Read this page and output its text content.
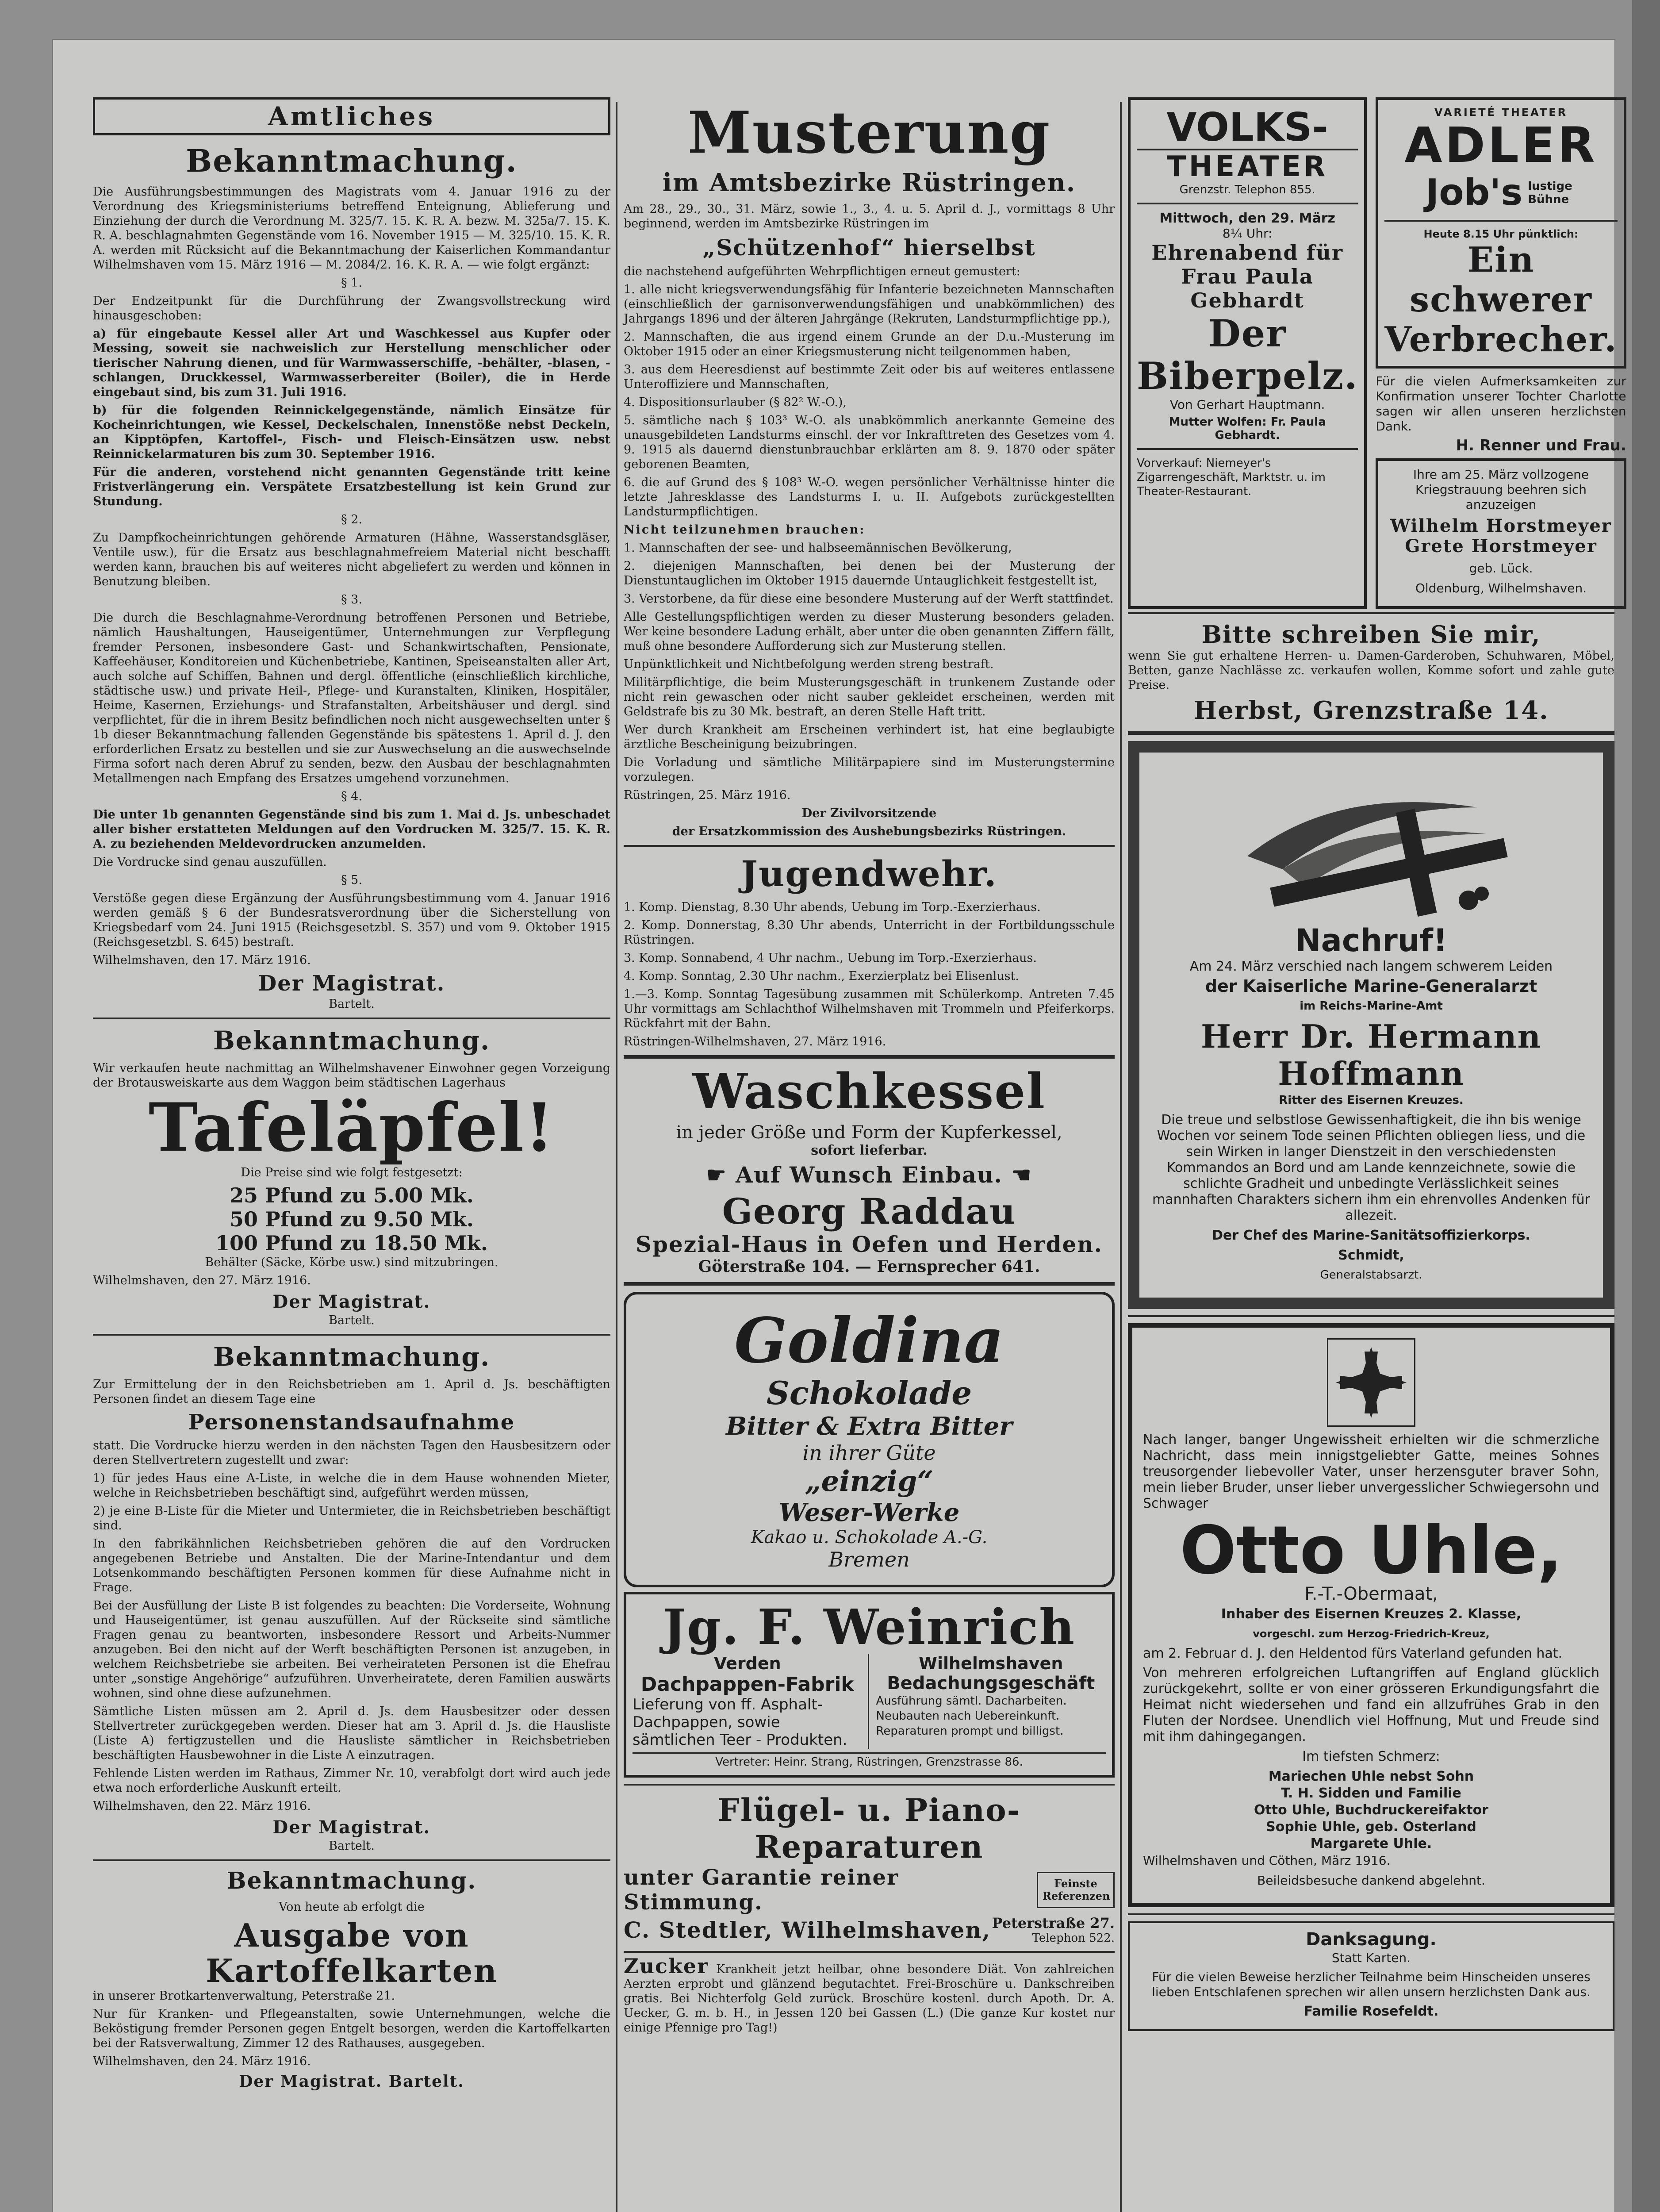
Amtliches
Bekanntmachung.

Die Ausführungsbestimmungen des Magistrats vom 4. Januar 1916 zu der Verordnung des Kriegsministeriums betreffend Enteignung, Ablieferung und Einziehung der durch die Verordnung M. 325/7. 15. K. R. A. bezw. M. 325a/7. 15. K. R. A. beschlagnahmten Gegenstände vom 16. November 1915 — M. 325/10. 15. K. R. A. werden mit Rücksicht auf die Bekanntmachung der Kaiserlichen Kommandantur Wilhelmshaven vom 15. März 1916 — M. 2084/2. 16. K. R. A. — wie folgt ergänzt:

§ 1.

Der Endzeitpunkt für die Durchführung der Zwangsvollstreckung wird hinausgeschoben:

a) für eingebaute Kessel aller Art und Waschkessel aus Kupfer oder Messing, soweit sie nachweislich zur Herstellung menschlicher oder tierischer Nahrung dienen, und für Warmwasserschiffe, -behälter, -blasen, -schlangen, Druckkessel, Warmwasserbereiter (Boiler), die in Herde eingebaut sind, bis zum 31. Juli 1916.

b) für die folgenden Reinnickelgegenstände, nämlich Einsätze für Kocheinrichtungen, wie Kessel, Deckelschalen, Innenstöße nebst Deckeln, an Kipptöpfen, Kartoffel-, Fisch- und Fleisch-Einsätzen usw. nebst Reinnickelarmaturen bis zum 30. September 1916.

Für die anderen, vorstehend nicht genannten Gegenstände tritt keine Fristverlängerung ein. Verspätete Ersatzbestellung ist kein Grund zur Stundung.

§ 2.

Zu Dampfkocheinrichtungen gehörende Armaturen (Hähne, Wasserstandsgläser, Ventile usw.), für die Ersatz aus beschlagnahmefreiem Material nicht beschafft werden kann, brauchen bis auf weiteres nicht abgeliefert zu werden und können in Benutzung bleiben.

§ 3.

Die durch die Beschlagnahme-Verordnung betroffenen Personen und Betriebe, nämlich Haushaltungen, Hauseigentümer, Unternehmungen zur Verpflegung fremder Personen, insbesondere Gast- und Schankwirtschaften, Pensionate, Kaffeehäuser, Konditoreien und Küchenbetriebe, Kantinen, Speiseanstalten aller Art, auch solche auf Schiffen, Bahnen und dergl. öffentliche (einschließlich kirchliche, städtische usw.) und private Heil-, Pflege- und Kuranstalten, Kliniken, Hospitäler, Heime, Kasernen, Erziehungs- und Strafanstalten, Arbeitshäuser und dergl. sind verpflichtet, für die in ihrem Besitz befindlichen noch nicht ausgewechselten unter § 1b dieser Bekanntmachung fallenden Gegenstände bis spätestens 1. April d. J. den erforderlichen Ersatz zu bestellen und sie zur Auswechselung an die auswechselnde Firma sofort nach deren Abruf zu senden, bezw. den Ausbau der beschlagnahmten Metallmengen nach Empfang des Ersatzes umgehend vorzunehmen.

§ 4.

Die unter 1b genannten Gegenstände sind bis zum 1. Mai d. Js. unbeschadet aller bisher erstatteten Meldungen auf den Vordrucken M. 325/7. 15. K. R. A. zu beziehenden Meldevordrucken anzumelden.

Die Vordrucke sind genau auszufüllen.

§ 5.

Verstöße gegen diese Ergänzung der Ausführungsbestimmung vom 4. Januar 1916 werden gemäß § 6 der Bundesratsverordnung über die Sicherstellung von Kriegsbedarf vom 24. Juni 1915 (Reichsgesetzbl. S. 357) und vom 9. Oktober 1915 (Reichsgesetzbl. S. 645) bestraft.

Wilhelmshaven, den 17. März 1916.

Der Magistrat.

Bartelt.

Bekanntmachung.

Wir verkaufen heute nachmittag an Wilhelmshavener Einwohner gegen Vorzeigung der Brotausweiskarte aus dem Waggon beim städtischen Lagerhaus

Tafeläpfel!

Die Preise sind wie folgt festgesetzt:

25 Pfund zu 5.00 Mk.
50 Pfund zu 9.50 Mk.
100 Pfund zu 18.50 Mk.

Behälter (Säcke, Körbe usw.) sind mitzubringen.

Wilhelmshaven, den 27. März 1916.

Der Magistrat.

Bartelt.

Bekanntmachung.

Zur Ermittelung der in den Reichsbetrieben am 1. April d. Js. beschäftigten Personen findet an diesem Tage eine

Personenstandsaufnahme

statt. Die Vordrucke hierzu werden in den nächsten Tagen den Hausbesitzern oder deren Stellvertretern zugestellt und zwar:

1) für jedes Haus eine A-Liste, in welche die in dem Hause wohnenden Mieter, welche in Reichsbetrieben beschäftigt sind, aufgeführt werden müssen,

2) je eine B-Liste für die Mieter und Untermieter, die in Reichsbetrieben beschäftigt sind.

In den fabrikähnlichen Reichsbetrieben gehören die auf den Vordrucken angegebenen Betriebe und Anstalten. Die der Marine-Intendantur und dem Lotsenkommando beschäftigten Personen kommen für diese Aufnahme nicht in Frage.

Bei der Ausfüllung der Liste B ist folgendes zu beachten: Die Vorderseite, Wohnung und Hauseigentümer, ist genau auszufüllen. Auf der Rückseite sind sämtliche Fragen genau zu beantworten, insbesondere Ressort und Arbeits-Nummer anzugeben. Bei den nicht auf der Werft beschäftigten Personen ist anzugeben, in welchem Reichsbetriebe sie arbeiten. Bei verheirateten Personen ist die Ehefrau unter „sonstige Angehörige“ aufzuführen. Unverheiratete, deren Familien auswärts wohnen, sind ohne diese aufzunehmen.

Sämtliche Listen müssen am 2. April d. Js. dem Hausbesitzer oder dessen Stellvertreter zurückgegeben werden. Dieser hat am 3. April d. Js. die Hausliste (Liste A) fertigzustellen und die Hausliste sämtlicher in Reichsbetrieben beschäftigten Hausbewohner in die Liste A einzutragen.

Fehlende Listen werden im Rathaus, Zimmer Nr. 10, verabfolgt dort wird auch jede etwa noch erforderliche Auskunft erteilt.

Wilhelmshaven, den 22. März 1916.

Der Magistrat.

Bartelt.

Bekanntmachung.

Von heute ab erfolgt die

Ausgabe von Kartoffelkarten

in unserer Brotkartenverwaltung, Peterstraße 21.

Nur für Kranken- und Pflegeanstalten, sowie Unternehmungen, welche die Beköstigung fremder Personen gegen Entgelt besorgen, werden die Kartoffelkarten bei der Ratsverwaltung, Zimmer 12 des Rathauses, ausgegeben.

Wilhelmshaven, den 24. März 1916.

Der Magistrat. Bartelt.
Musterung
im Amtsbezirke Rüstringen.

Am 28., 29., 30., 31. März, sowie 1., 3., 4. u. 5. April d. J., vormittags 8 Uhr beginnend, werden im Amtsbezirke Rüstringen im

„Schützenhof“ hierselbst

die nachstehend aufgeführten Wehrpflichtigen erneut gemustert:

1. alle nicht kriegsverwendungsfähig für Infanterie bezeichneten Mannschaften (einschließlich der garnisonverwendungsfähigen und unabkömmlichen) des Jahrgangs 1896 und der älteren Jahrgänge (Rekruten, Landsturmpflichtige pp.),

2. Mannschaften, die aus irgend einem Grunde an der D.u.-Musterung im Oktober 1915 oder an einer Kriegsmusterung nicht teilgenommen haben,

3. aus dem Heeresdienst auf bestimmte Zeit oder bis auf weiteres entlassene Unteroffiziere und Mannschaften,

4. Dispositionsurlauber (§ 82² W.-O.),

5. sämtliche nach § 103³ W.-O. als unabkömmlich anerkannte Gemeine des unausgebildeten Landsturms einschl. der vor Inkrafttreten des Gesetzes vom 4. 9. 1915 als dauernd dienstunbrauchbar erklärten am 8. 9. 1870 oder später geborenen Beamten,

6. die auf Grund des § 108³ W.-O. wegen persönlicher Verhältnisse hinter die letzte Jahresklasse des Landsturms I. u. II. Aufgebots zurückgestellten Landsturmpflichtigen.

Nicht teilzunehmen brauchen:

1. Mannschaften der see- und halbseemännischen Bevölkerung,

2. diejenigen Mannschaften, bei denen bei der Musterung der Dienstuntauglichen im Oktober 1915 dauernde Untauglichkeit festgestellt ist,

3. Verstorbene, da für diese eine besondere Musterung auf der Werft stattfindet.

Alle Gestellungspflichtigen werden zu dieser Musterung besonders geladen. Wer keine besondere Ladung erhält, aber unter die oben genannten Ziffern fällt, muß ohne besondere Aufforderung sich zur Musterung stellen.

Unpünktlichkeit und Nichtbefolgung werden streng bestraft.

Militärpflichtige, die beim Musterungsgeschäft in trunkenem Zustande oder nicht rein gewaschen oder nicht sauber gekleidet erscheinen, werden mit Geldstrafe bis zu 30 Mk. bestraft, an deren Stelle Haft tritt.

Wer durch Krankheit am Erscheinen verhindert ist, hat eine beglaubigte ärztliche Bescheinigung beizubringen.

Die Vorladung und sämtliche Militärpapiere sind im Musterungstermine vorzulegen.

Rüstringen, 25. März 1916.

Der Zivilvorsitzende

der Ersatzkommission des Aushebungsbezirks Rüstringen.

Jugendwehr.

1. Komp. Dienstag, 8.30 Uhr abends, Uebung im Torp.-Exerzierhaus.

2. Komp. Donnerstag, 8.30 Uhr abends, Unterricht in der Fortbildungsschule Rüstringen.

3. Komp. Sonnabend, 4 Uhr nachm., Uebung im Torp.-Exerzierhaus.

4. Komp. Sonntag, 2.30 Uhr nachm., Exerzierplatz bei Elisenlust.

1.—3. Komp. Sonntag Tagesübung zusammen mit Schülerkomp. Antreten 7.45 Uhr vormittags am Schlachthof Wilhelmshaven mit Trommeln und Pfeiferkorps. Rückfahrt mit der Bahn.

Rüstringen-Wilhelmshaven, 27. März 1916.

Waschkessel
in jeder Größe und Form der Kupferkessel,
sofort lieferbar.
☛ Auf Wunsch Einbau. ☚
Georg Raddau
Spezial-Haus in Oefen und Herden.
Göterstraße 104. — Fernsprecher 641.
Goldina
Schokolade
Bitter & Extra Bitter
in ihrer Güte
„einzig“
Weser-Werke
Kakao u. Schokolade A.-G.
Bremen
Jg. F. Weinrich
Verden
Dachpappen-Fabrik
Lieferung von ff. Asphalt-Dachpappen, sowie sämtlichen Teer - Produkten.
Wilhelmshaven
Bedachungsgeschäft
Ausführung sämtl. Dacharbeiten. Neubauten nach Uebereinkunft. Reparaturen prompt und billigst.
Vertreter: Heinr. Strang, Rüstringen, Grenzstrasse 86.
Flügel- u. Piano-Reparaturen
unter Garantie reiner Stimmung.
Feinste Referenzen
C. Stedtler, Wilhelmshaven, Peterstraße 27.
Telephon 522.

Zucker Krankheit jetzt heilbar, ohne besondere Diät. Von zahlreichen Aerzten erprobt und glänzend begutachtet. Frei-Broschüre u. Dankschreiben gratis. Bei Nichterfolg Geld zurück. Broschüre kostenl. durch Apoth. Dr. A. Uecker, G. m. b. H., in Jessen 120 bei Gassen (L.) (Die ganze Kur kostet nur einige Pfennige pro Tag!)

VOLKS-
THEATER
Grenzstr. Telephon 855.
Mittwoch, den 29. März
8¼ Uhr:
Ehrenabend für Frau Paula Gebhardt
Der Biberpelz.
Von Gerhart Hauptmann.
Mutter Wolfen: Fr. Paula Gebhardt.
Vorverkauf: Niemeyer's Zigarrengeschäft, Marktstr. u. im Theater-Restaurant.
VARIETÉ THEATER
ADLER
Job's lustige Bühne
Heute 8.15 Uhr pünktlich:
Ein schwerer Verbrecher.

Für die vielen Aufmerksamkeiten zur Konfirmation unserer Tochter Charlotte sagen wir allen unseren herzlichsten Dank.

H. Renner und Frau.

Ihre am 25. März vollzogene Kriegstrauung beehren sich anzuzeigen

Wilhelm Horstmeyer Grete Horstmeyer

geb. Lück.

Oldenburg, Wilhelmshaven.

Bitte schreiben Sie mir,

wenn Sie gut erhaltene Herren- u. Damen-Garderoben, Schuhwaren, Möbel, Betten, ganze Nachlässe zc. verkaufen wollen, Komme sofort und zahle gute Preise.

Herbst, Grenzstraße 14.
Nachruf!

Am 24. März verschied nach langem schwerem Leiden

der Kaiserliche Marine-Generalarzt

im Reichs-Marine-Amt

Herr Dr. Hermann Hoffmann

Ritter des Eisernen Kreuzes.

Die treue und selbstlose Gewissenhaftigkeit, die ihn bis wenige Wochen vor seinem Tode seinen Pflichten obliegen liess, und die sein Wirken in langer Dienstzeit in den verschiedensten Kommandos an Bord und am Lande kennzeichnete, sowie die schlichte Gradheit und unbedingte Verlässlichkeit seines mannhaften Charakters sichern ihm ein ehrenvolles Andenken für allezeit.

Der Chef des Marine-Sanitätsoffizierkorps.

Schmidt,

Generalstabsarzt.

Nach langer, banger Ungewissheit erhielten wir die schmerzliche Nachricht, dass mein innigstgeliebter Gatte, meines Sohnes treusorgender liebevoller Vater, unser herzensguter braver Sohn, mein lieber Bruder, unser lieber unvergesslicher Schwiegersohn und Schwager

Otto Uhle,

F.-T.-Obermaat,

Inhaber des Eisernen Kreuzes 2. Klasse,

vorgeschl. zum Herzog-Friedrich-Kreuz,

am 2. Februar d. J. den Heldentod fürs Vaterland gefunden hat.

Von mehreren erfolgreichen Luftangriffen auf England glücklich zurückgekehrt, sollte er von einer grösseren Erkundigungsfahrt die Heimat nicht wiedersehen und fand ein allzufrühes Grab in den Fluten der Nordsee. Unendlich viel Hoffnung, Mut und Freude sind mit ihm dahingegangen.

Im tiefsten Schmerz:

Mariechen Uhle nebst Sohn
T. H. Sidden und Familie
Otto Uhle, Buchdruckereifaktor
Sophie Uhle, geb. Osterland
Margarete Uhle.

Wilhelmshaven und Cöthen, März 1916.

Beileidsbesuche dankend abgelehnt.

Danksagung.

Statt Karten.

Für die vielen Beweise herzlicher Teilnahme beim Hinscheiden unseres lieben Entschlafenen sprechen wir allen unsern herzlichsten Dank aus.

Familie Rosefeldt.
